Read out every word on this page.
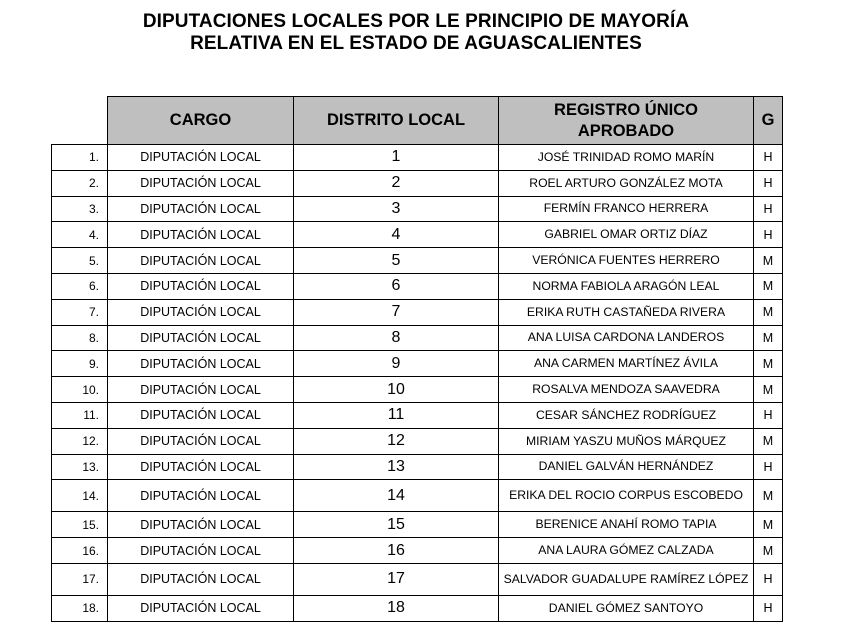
DIPUTACIONES LOCALES POR LE PRINCIPIO DE MAYORÍA
RELATIVA EN EL ESTADO DE AGUASCALIENTES
	CARGO	DISTRITO LOCAL	REGISTRO ÚNICO
APROBADO	G
1.	DIPUTACIÓN LOCAL	1	JOSÉ TRINIDAD ROMO MARÍN	H
2.	DIPUTACIÓN LOCAL	2	ROEL ARTURO GONZÁLEZ MOTA	H
3.	DIPUTACIÓN LOCAL	3	FERMÍN FRANCO HERRERA	H
4.	DIPUTACIÓN LOCAL	4	GABRIEL OMAR ORTIZ DÍAZ	H
5.	DIPUTACIÓN LOCAL	5	VERÓNICA FUENTES HERRERO	M
6.	DIPUTACIÓN LOCAL	6	NORMA FABIOLA ARAGÓN LEAL	M
7.	DIPUTACIÓN LOCAL	7	ERIKA RUTH CASTAÑEDA RIVERA	M
8.	DIPUTACIÓN LOCAL	8	ANA LUISA CARDONA LANDEROS	M
9.	DIPUTACIÓN LOCAL	9	ANA CARMEN MARTÍNEZ ÁVILA	M
10.	DIPUTACIÓN LOCAL	10	ROSALVA MENDOZA SAAVEDRA	M
11.	DIPUTACIÓN LOCAL	11	CESAR SÁNCHEZ RODRÍGUEZ	H
12.	DIPUTACIÓN LOCAL	12	MIRIAM YASZU MUÑOS MÁRQUEZ	M
13.	DIPUTACIÓN LOCAL	13	DANIEL GALVÁN HERNÁNDEZ	H
14.	DIPUTACIÓN LOCAL	14	ERIKA DEL ROCIO CORPUS ESCOBEDO	M
15.	DIPUTACIÓN LOCAL	15	BERENICE ANAHÍ ROMO TAPIA	M
16.	DIPUTACIÓN LOCAL	16	ANA LAURA GÓMEZ CALZADA	M
17.	DIPUTACIÓN LOCAL	17	SALVADOR GUADALUPE RAMÍREZ LÓPEZ	H
18.	DIPUTACIÓN LOCAL	18	DANIEL GÓMEZ SANTOYO	H
